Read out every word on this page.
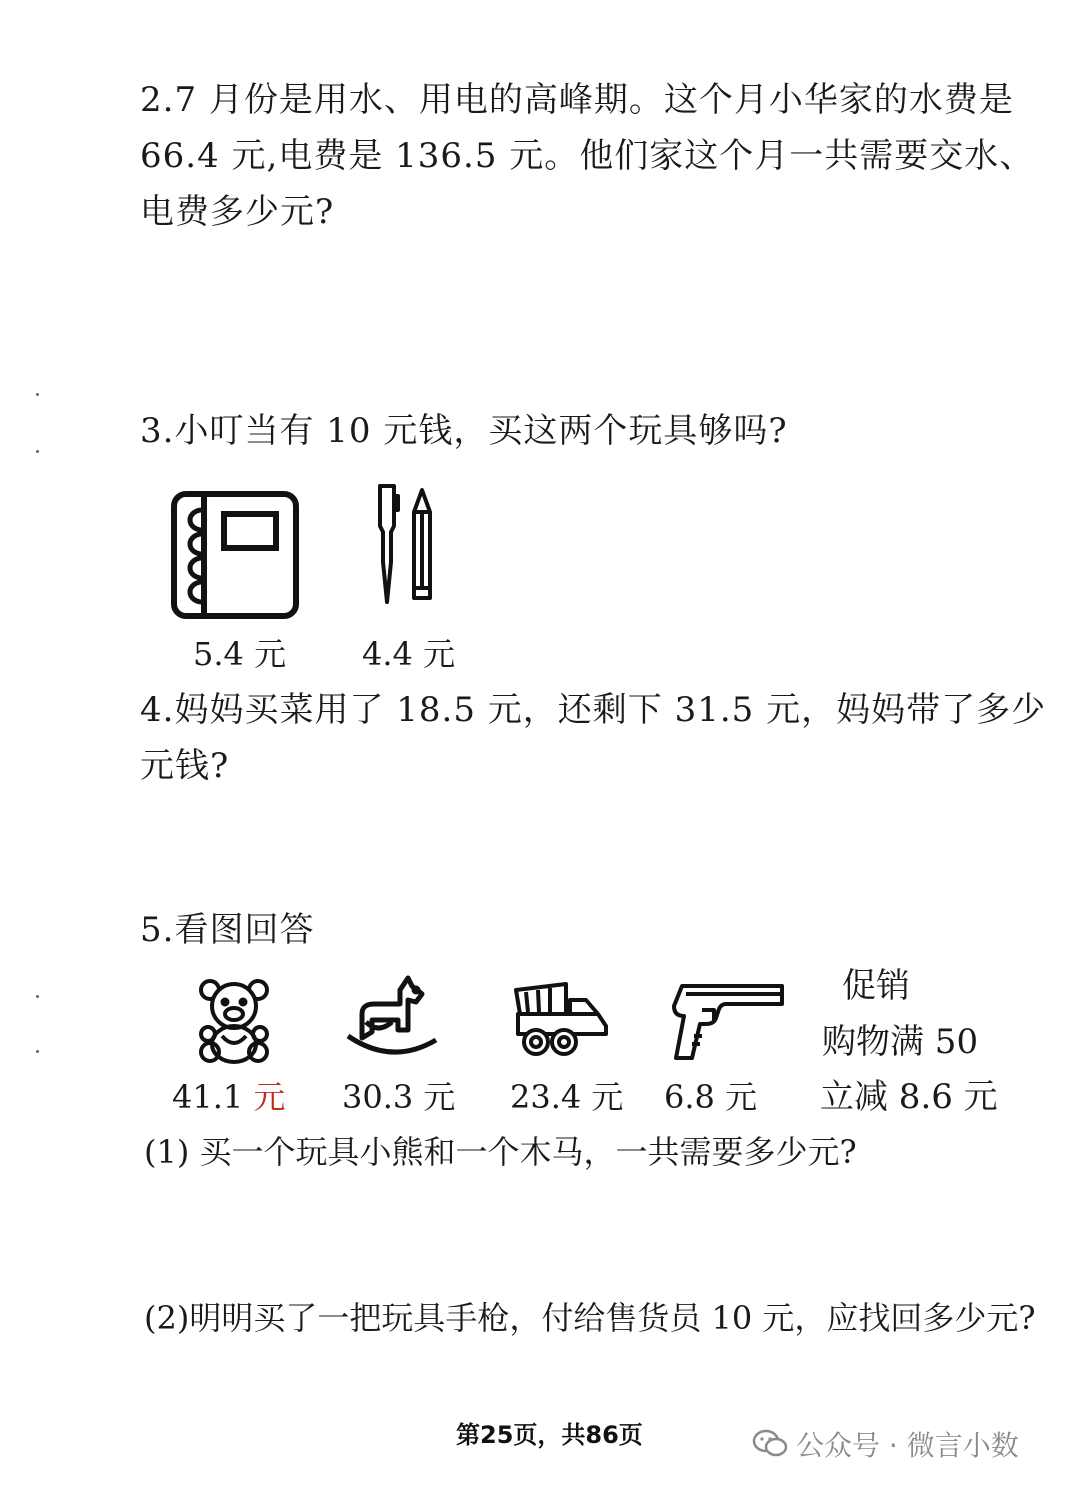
2.7 月份是用水、用电的高峰期。这个月小华家的水费是
66.4 元,电费是 136.5 元。他们家这个月一共需要交水、
电费多少元?
3.小叮当有 10 元钱，买这两个玩具够吗?
5.4 元 4.4 元
4.妈妈买菜用了 18.5 元，还剩下 31.5 元，妈妈带了多少
元钱?
5.看图回答
41.1 元 30.3 元 23.4 元 6.8 元
促销
购物满 50
立减 8.6 元
(1) 买一个玩具小熊和一个木马，一共需要多少元?
(2)明明买了一把玩具手枪，付给售货员 10 元，应找回多少元?
第25页，共86页	公众号 · 微言小数
